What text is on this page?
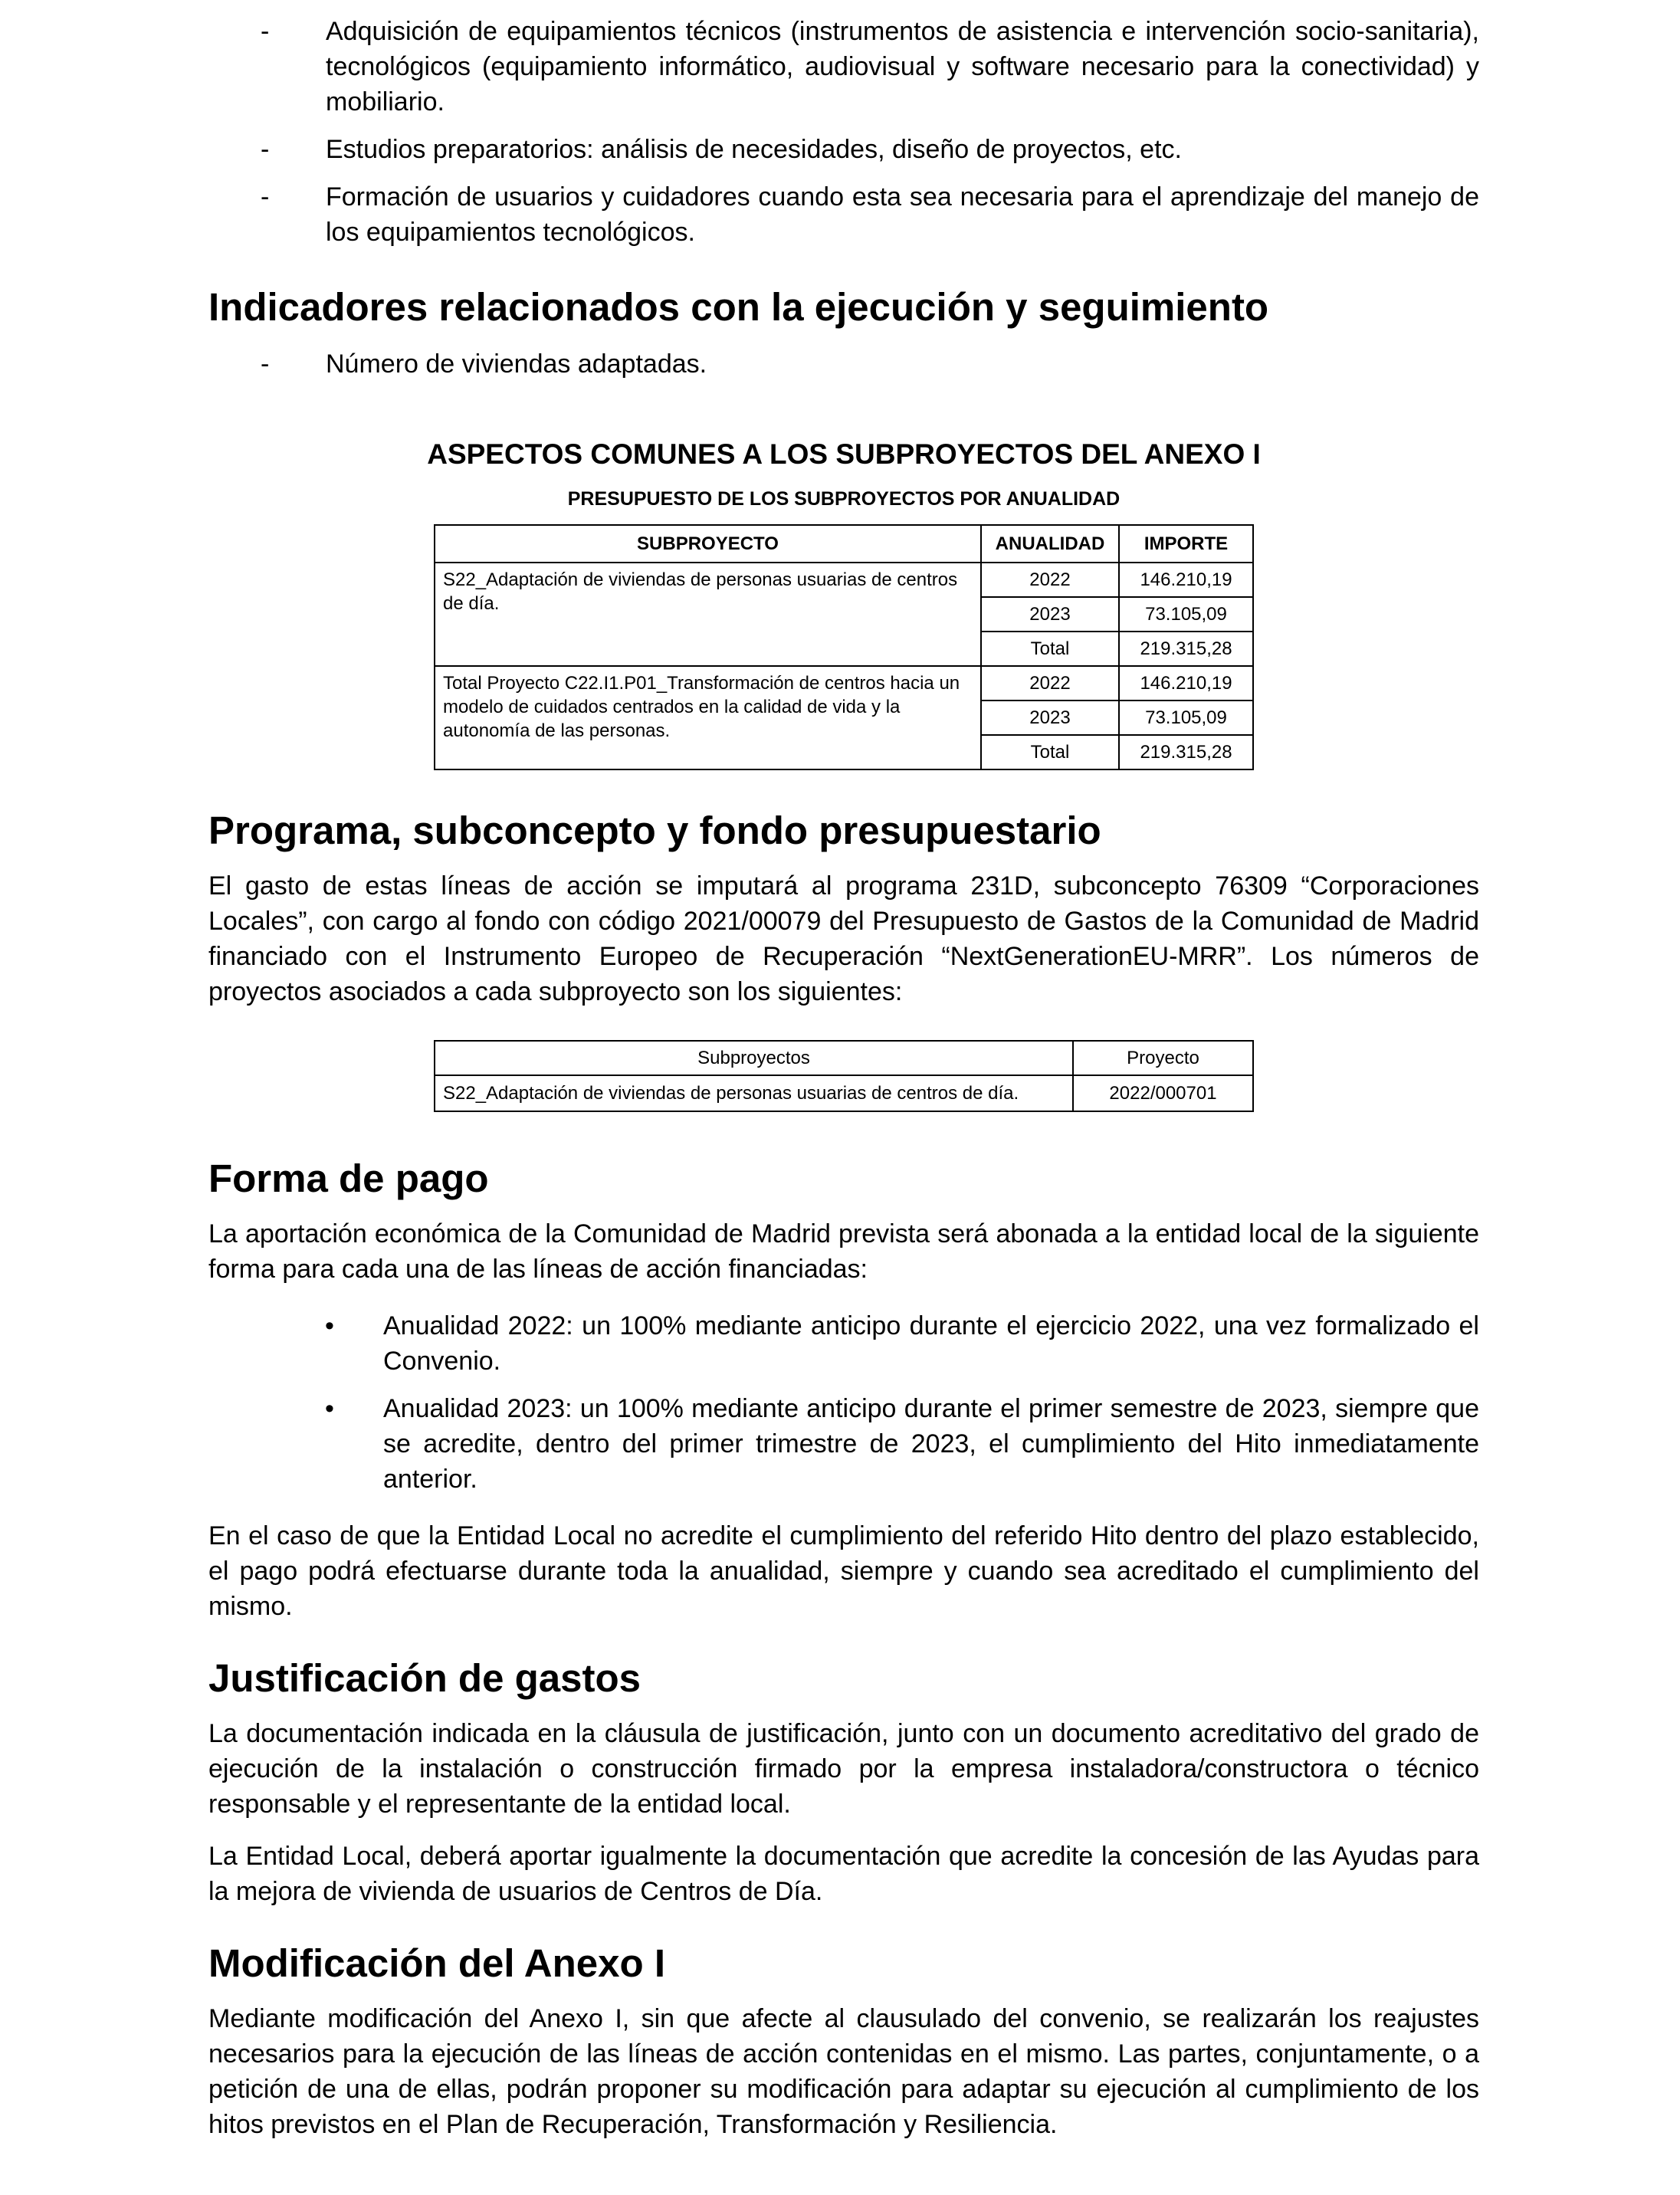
-	Adquisición de equipamientos técnicos (instrumentos de asistencia e intervención socio-sanitaria), tecnológicos (equipamiento informático, audiovisual y software necesario para la conectividad) y mobiliario.

-	Estudios preparatorios: análisis de necesidades, diseño de proyectos, etc.

-	Formación de usuarios y cuidadores cuando esta sea necesaria para el aprendizaje del manejo de los equipamientos tecnológicos.

Indicadores relacionados con la ejecución y seguimiento
-	Número de viviendas adaptadas.

ASPECTOS COMUNES A LOS SUBPROYECTOS DEL ANEXO I
PRESUPUESTO DE LOS SUBPROYECTOS POR ANUALIDAD
SUBPROYECTO	ANUALIDAD	IMPORTE
S22_Adaptación de viviendas de personas usuarias de centros de día.	2022	146.210,19
	2023	73.105,09
	Total	219.315,28
Total Proyecto C22.I1.P01_Transformación de centros hacia un modelo de cuidados centrados en la calidad de vida y la autonomía de las personas.	2022	146.210,19
	2023	73.105,09
	Total	219.315,28
Programa, subconcepto y fondo presupuestario

El gasto de estas líneas de acción se imputará al programa 231D, subconcepto 76309 “Corporaciones Locales”, con cargo al fondo con código 2021/00079 del Presupuesto de Gastos de la Comunidad de Madrid financiado con el Instrumento Europeo de Recuperación “NextGenerationEU-MRR”. Los números de proyectos asociados a cada subproyecto son los siguientes:

Subproyectos	Proyecto
S22_Adaptación de viviendas de personas usuarias de centros de día.	2022/000701
Forma de pago

La aportación económica de la Comunidad de Madrid prevista será abonada a la entidad local de la siguiente forma para cada una de las líneas de acción financiadas:

•	Anualidad 2022: un 100% mediante anticipo durante el ejercicio 2022, una vez formalizado el Convenio.

•	Anualidad 2023: un 100% mediante anticipo durante el primer semestre de 2023, siempre que se acredite, dentro del primer trimestre de 2023, el cumplimiento del Hito inmediatamente anterior.

En el caso de que la Entidad Local no acredite el cumplimiento del referido Hito dentro del plazo establecido, el pago podrá efectuarse durante toda la anualidad, siempre y cuando sea acreditado el cumplimiento del mismo.

Justificación de gastos

La documentación indicada en la cláusula de justificación, junto con un documento acreditativo del grado de ejecución de la instalación o construcción firmado por la empresa instaladora/constructora o técnico responsable y el representante de la entidad local.

La Entidad Local, deberá aportar igualmente la documentación que acredite la concesión de las Ayudas para la mejora de vivienda de usuarios de Centros de Día.

Modificación del Anexo I

Mediante modificación del Anexo I, sin que afecte al clausulado del convenio, se realizarán los reajustes necesarios para la ejecución de las líneas de acción contenidas en el mismo. Las partes, conjuntamente, o a petición de una de ellas, podrán proponer su modificación para adaptar su ejecución al cumplimiento de los hitos previstos en el Plan de Recuperación, Transformación y Resiliencia.
